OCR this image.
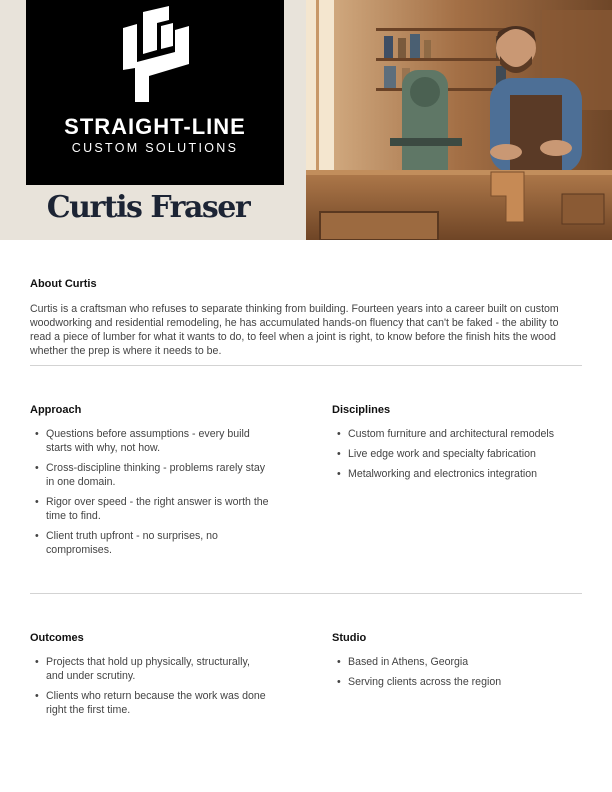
STRAIGHT-LINE
CUSTOM SOLUTIONS
Curtis Fraser
About Curtis
Curtis is a craftsman who refuses to separate thinking from building. Fourteen years into a career built on custom woodworking and residential remodeling, he has accumulated hands-on fluency that can't be faked - the ability to read a piece of lumber for what it wants to do, to feel when a joint is right, to know before the finish hits the wood whether the prep is where it needs to be.
Approach
• Questions before assumptions - every build starts with why, not how.
• Cross-discipline thinking - problems rarely stay in one domain.
• Rigor over speed - the right answer is worth the time to find.
• Client truth upfront - no surprises, no compromises.
Disciplines
• Custom furniture and architectural remodels
• Live edge work and specialty fabrication
• Metalworking and electronics integration
Outcomes
• Projects that hold up physically, structurally, and under scrutiny.
• Clients who return because the work was done right the first time.
Studio
• Based in Athens, Georgia
• Serving clients across the region
